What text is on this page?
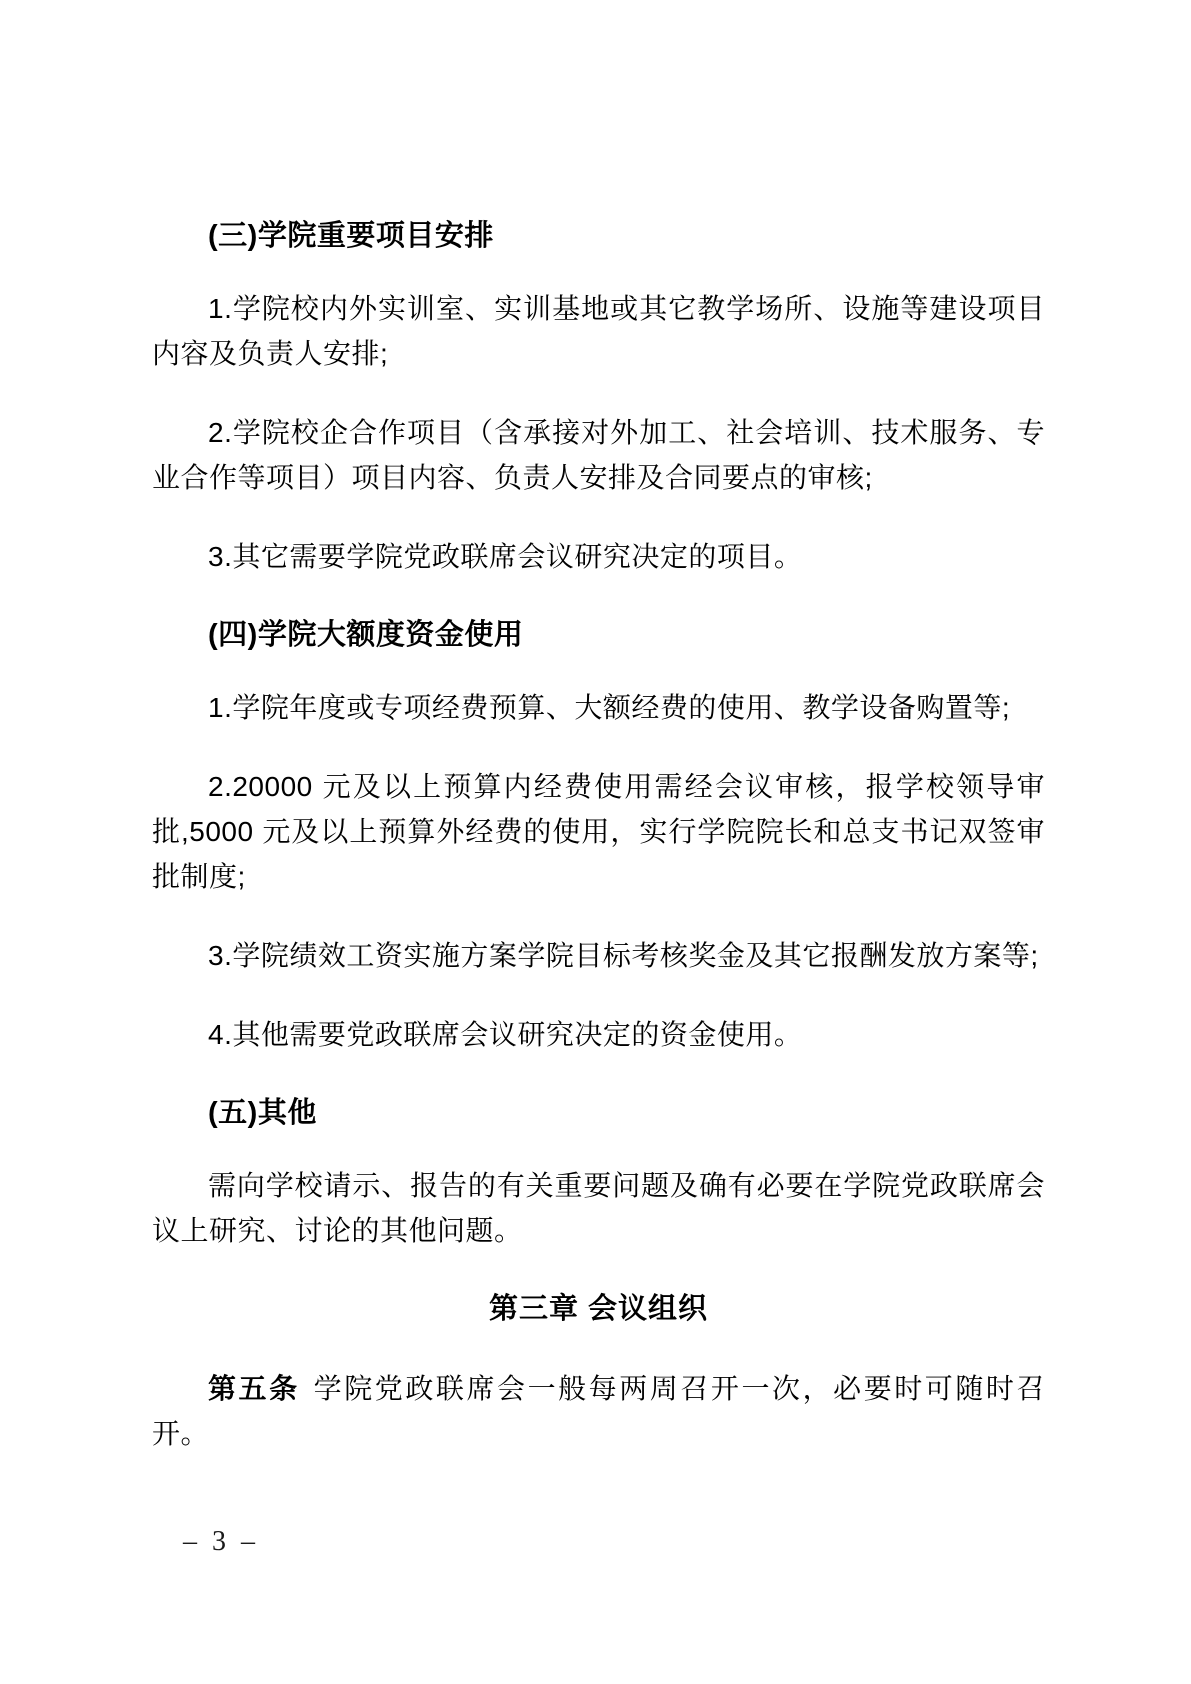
(三)学院重要项目安排

1.学院校内外实训室、实训基地或其它教学场所、设施等建设项目内容及负责人安排;

2.学院校企合作项目（含承接对外加工、社会培训、技术服务、专业合作等项目）项目内容、负责人安排及合同要点的审核;

3.其它需要学院党政联席会议研究决定的项目。

(四)学院大额度资金使用

1.学院年度或专项经费预算、大额经费的使用、教学设备购置等;

2.20000 元及以上预算内经费使用需经会议审核，报学校领导审批,5000 元及以上预算外经费的使用，实行学院院长和总支书记双签审批制度;

3.学院绩效工资实施方案学院目标考核奖金及其它报酬发放方案等;

4.其他需要党政联席会议研究决定的资金使用。

(五)其他

需向学校请示、报告的有关重要问题及确有必要在学院党政联席会议上研究、讨论的其他问题。

第三章 会议组织

第五条 学院党政联席会一般每两周召开一次，必要时可随时召开。

– 3 –
